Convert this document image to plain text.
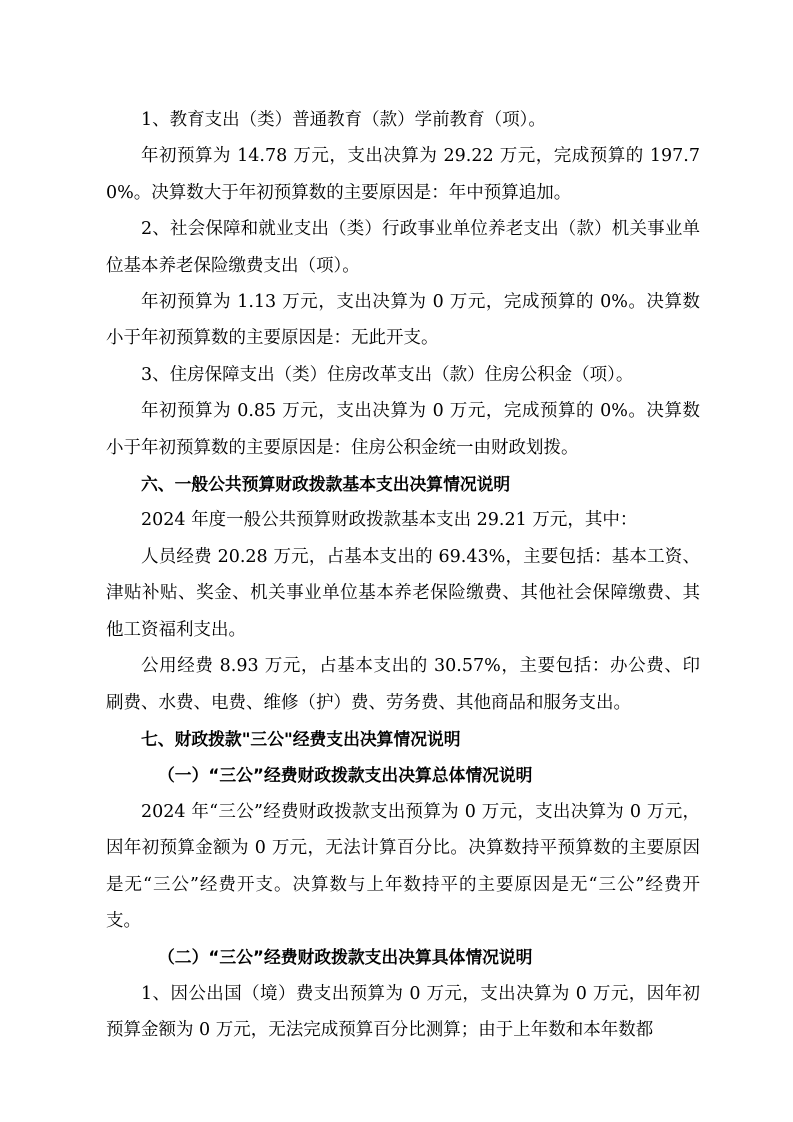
1、教育支出（类）普通教育（款）学前教育（项）。

年初预算为 14.78 万元，支出决算为 29.22 万元，完成预算的 197.70%。决算数大于年初预算数的主要原因是：年中预算追加。

2、社会保障和就业支出（类）行政事业单位养老支出（款）机关事业单位基本养老保险缴费支出（项）。

年初预算为 1.13 万元，支出决算为 0 万元，完成预算的 0%。决算数小于年初预算数的主要原因是：无此开支。

3、住房保障支出（类）住房改革支出（款）住房公积金（项）。

年初预算为 0.85 万元，支出决算为 0 万元，完成预算的 0%。决算数小于年初预算数的主要原因是：住房公积金统一由财政划拨。

六、一般公共预算财政拨款基本支出决算情况说明

2024 年度一般公共预算财政拨款基本支出 29.21 万元，其中：

人员经费 20.28 万元，占基本支出的 69.43%，主要包括：基本工资、津贴补贴、奖金、机关事业单位基本养老保险缴费、其他社会保障缴费、其他工资福利支出。

公用经费 8.93 万元，占基本支出的 30.57%，主要包括：办公费、印刷费、水费、电费、维修（护）费、劳务费、其他商品和服务支出。

七、财政拨款"三公"经费支出决算情况说明

（一）“三公”经费财政拨款支出决算总体情况说明

2024 年“三公”经费财政拨款支出预算为 0 万元，支出决算为 0 万元，因年初预算金额为 0 万元，无法计算百分比。决算数持平预算数的主要原因是无“三公”经费开支。决算数与上年数持平的主要原因是无“三公”经费开支。

（二）“三公”经费财政拨款支出决算具体情况说明

1、因公出国（境）费支出预算为 0 万元，支出决算为 0 万元，因年初预算金额为 0 万元，无法完成预算百分比测算；由于上年数和本年数都
